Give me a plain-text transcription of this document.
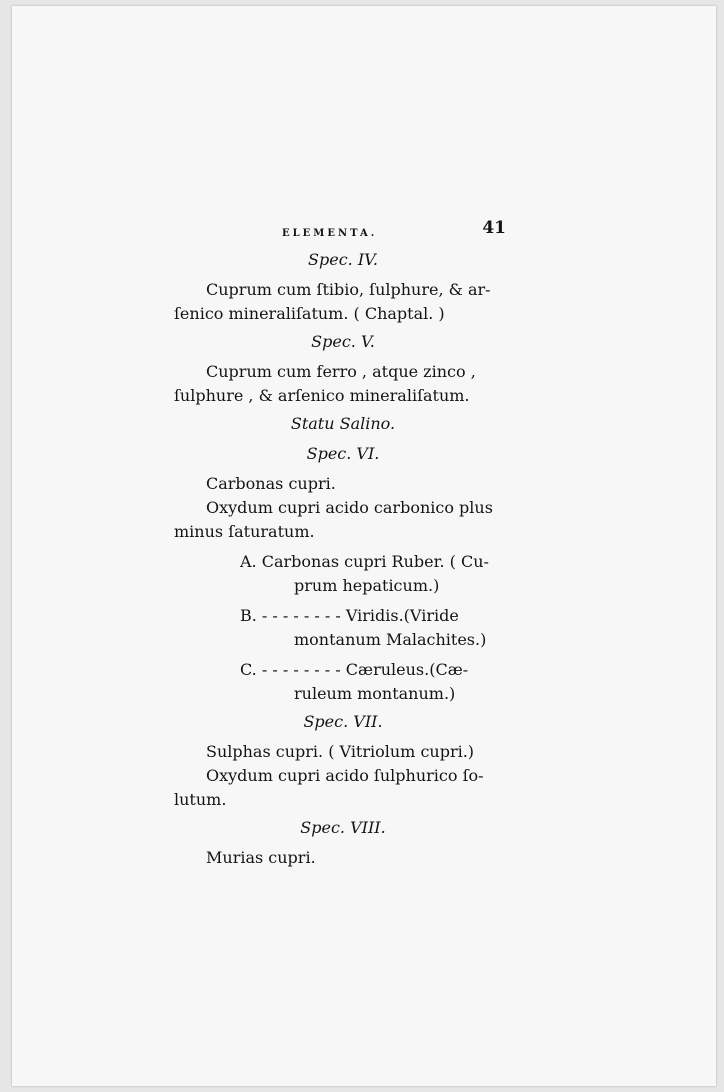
ELEMENTA.	41
Spec. IV.

Cuprum cum ſtibio, ſulphure, & ar-

ſenico mineraliſatum. ( Chaptal. )

Spec. V.

Cuprum cum ferro , atque zinco ,

ſulphure , & arſenico mineraliſatum.

Statu Salino.
Spec. VI.

Carbonas cupri.

Oxydum cupri acido carbonico plus

minus ſaturatum.

A. Carbonas cupri Ruber. ( Cu-

prum hepaticum.)

B. - - - - - - - - Viridis.(Viride

montanum Malachites.)

C. - - - - - - - - Cæruleus.(Cæ-

ruleum montanum.)

Spec. VII.

Sulphas cupri. ( Vitriolum cupri.)

Oxydum cupri acido ſulphurico ſo-

lutum.

Spec. VIII.

Murias cupri.
